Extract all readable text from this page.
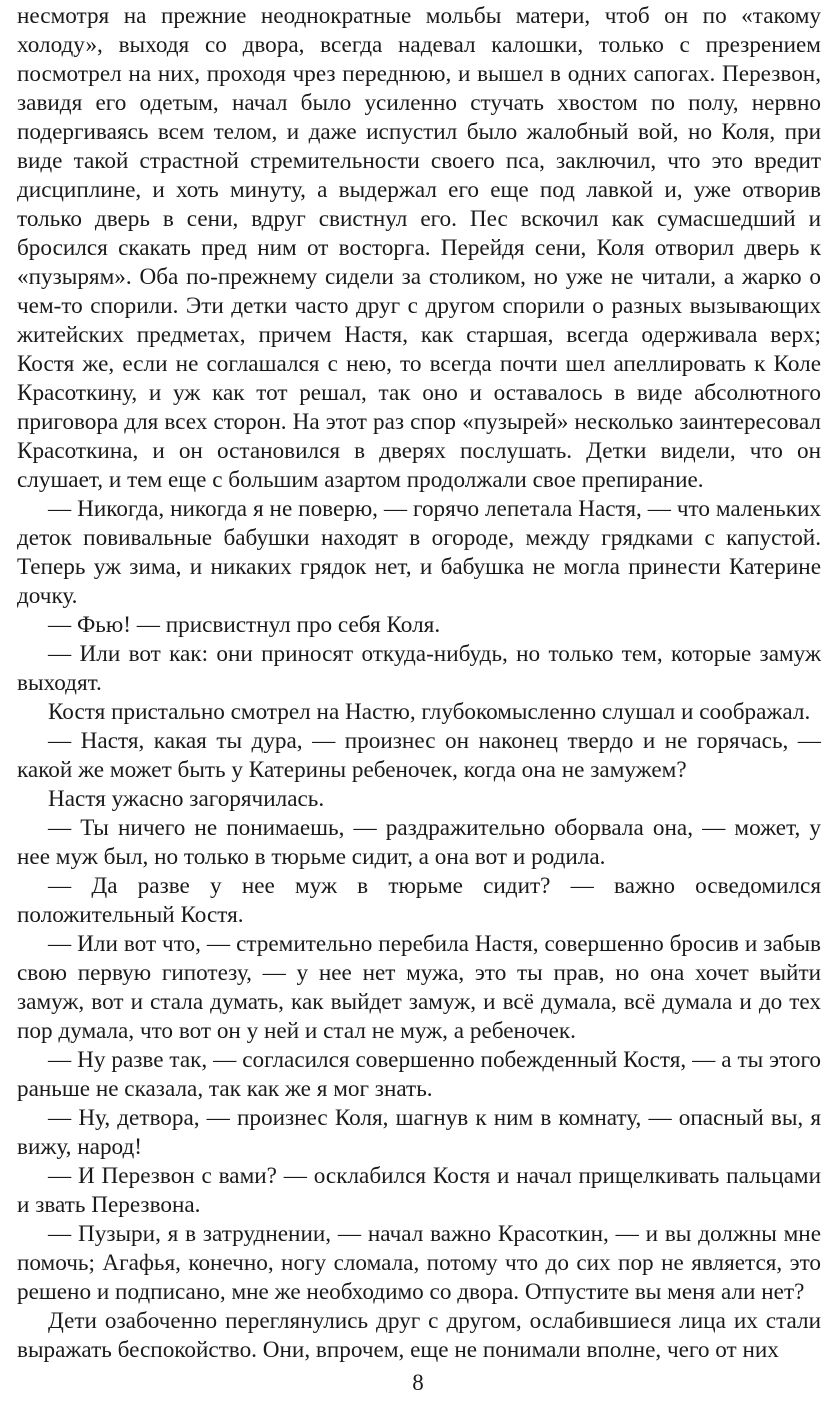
несмотря на прежние неоднократные мольбы матери, чтоб он по «такому холоду», выходя со двора, всегда надевал калошки, только с презрением посмотрел на них, проходя чрез переднюю, и вышел в одних сапогах. Перезвон, завидя его одетым, начал было усиленно стучать хвостом по полу, нервно подергиваясь всем телом, и даже испустил было жалобный вой, но Коля, при виде такой страстной стремительности своего пса, заключил, что это вредит дисциплине, и хоть минуту, а выдержал его еще под лавкой и, уже отворив только дверь в сени, вдруг свистнул его. Пес вскочил как сумасшедший и бросился скакать пред ним от восторга. Перейдя сени, Коля отворил дверь к «пузырям». Оба по-прежнему сидели за столиком, но уже не читали, а жарко о чем-то спорили. Эти детки часто друг с другом спорили о разных вызывающих житейских предметах, причем Настя, как старшая, всегда одерживала верх; Костя же, если не соглашался с нею, то всегда почти шел апеллировать к Коле Красоткину, и уж как тот решал, так оно и оставалось в виде абсолютного приговора для всех сторон. На этот раз спор «пузырей» несколько заинтересовал Красоткина, и он остановился в дверях послушать. Детки видели, что он слушает, и тем еще с большим азартом продолжали свое препирание.

— Никогда, никогда я не поверю, — горячо лепетала Настя, — что маленьких деток повивальные бабушки находят в огороде, между грядками с капустой. Теперь уж зима, и никаких грядок нет, и бабушка не могла принести Катерине дочку.

— Фью! — присвистнул про себя Коля.

— Или вот как: они приносят откуда-нибудь, но только тем, которые замуж выходят.

Костя пристально смотрел на Настю, глубокомысленно слушал и соображал.

— Настя, какая ты дура, — произнес он наконец твердо и не горячась, — какой же может быть у Катерины ребеночек, когда она не замужем?

Настя ужасно загорячилась.

— Ты ничего не понимаешь, — раздражительно оборвала она, — может, у нее муж был, но только в тюрьме сидит, а она вот и родила.

— Да разве у нее муж в тюрьме сидит? — важно осведомился положительный Костя.

— Или вот что, — стремительно перебила Настя, совершенно бросив и забыв свою первую гипотезу, — у нее нет мужа, это ты прав, но она хочет выйти замуж, вот и стала думать, как выйдет замуж, и всё думала, всё думала и до тех пор думала, что вот он у ней и стал не муж, а ребеночек.

— Ну разве так, — согласился совершенно побежденный Костя, — а ты этого раньше не сказала, так как же я мог знать.

— Ну, детвора, — произнес Коля, шагнув к ним в комнату, — опасный вы, я вижу, народ!

— И Перезвон с вами? — осклабился Костя и начал прищелкивать пальцами и звать Перезвона.

— Пузыри, я в затруднении, — начал важно Красоткин, — и вы должны мне помочь; Агафья, конечно, ногу сломала, потому что до сих пор не является, это решено и подписано, мне же необходимо со двора. Отпустите вы меня али нет?

Дети озабоченно переглянулись друг с другом, ослабившиеся лица их стали выражать беспокойство. Они, впрочем, еще не понимали вполне, чего от них

8
